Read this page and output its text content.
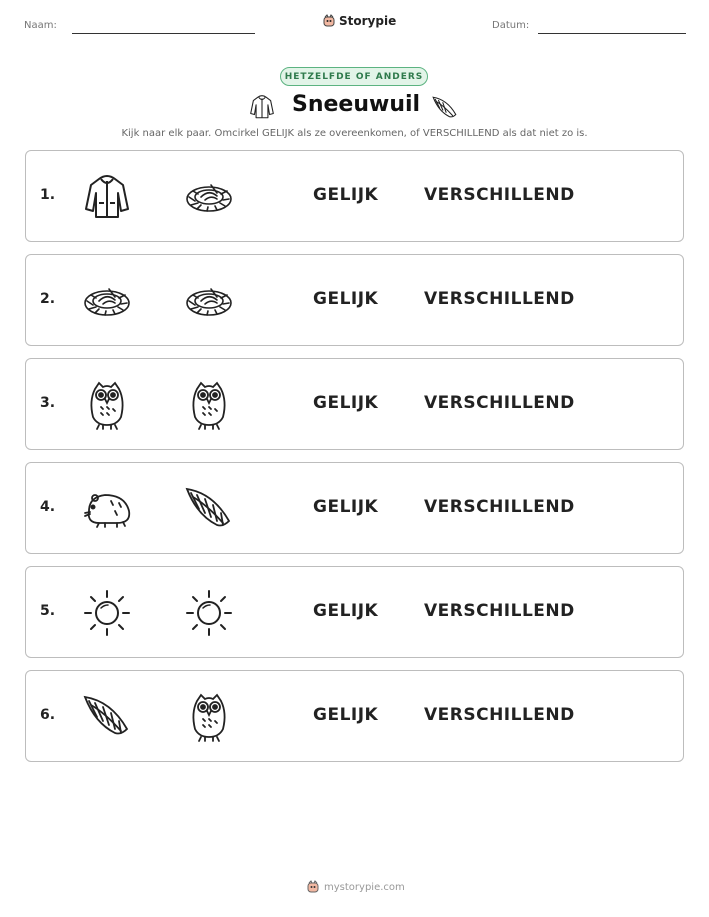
Naam:	Storypie	Datum:
HETZELFDE OF ANDERS
Sneeuwuil
Kijk naar elk paar. Omcirkel GELIJK als ze overeenkomen, of VERSCHILLEND als dat niet zo is.
1.	GELIJK	VERSCHILLEND
2.	GELIJK	VERSCHILLEND
3.	GELIJK	VERSCHILLEND
4.	GELIJK	VERSCHILLEND
5.	GELIJK	VERSCHILLEND
6.	GELIJK	VERSCHILLEND
mystorypie.com
